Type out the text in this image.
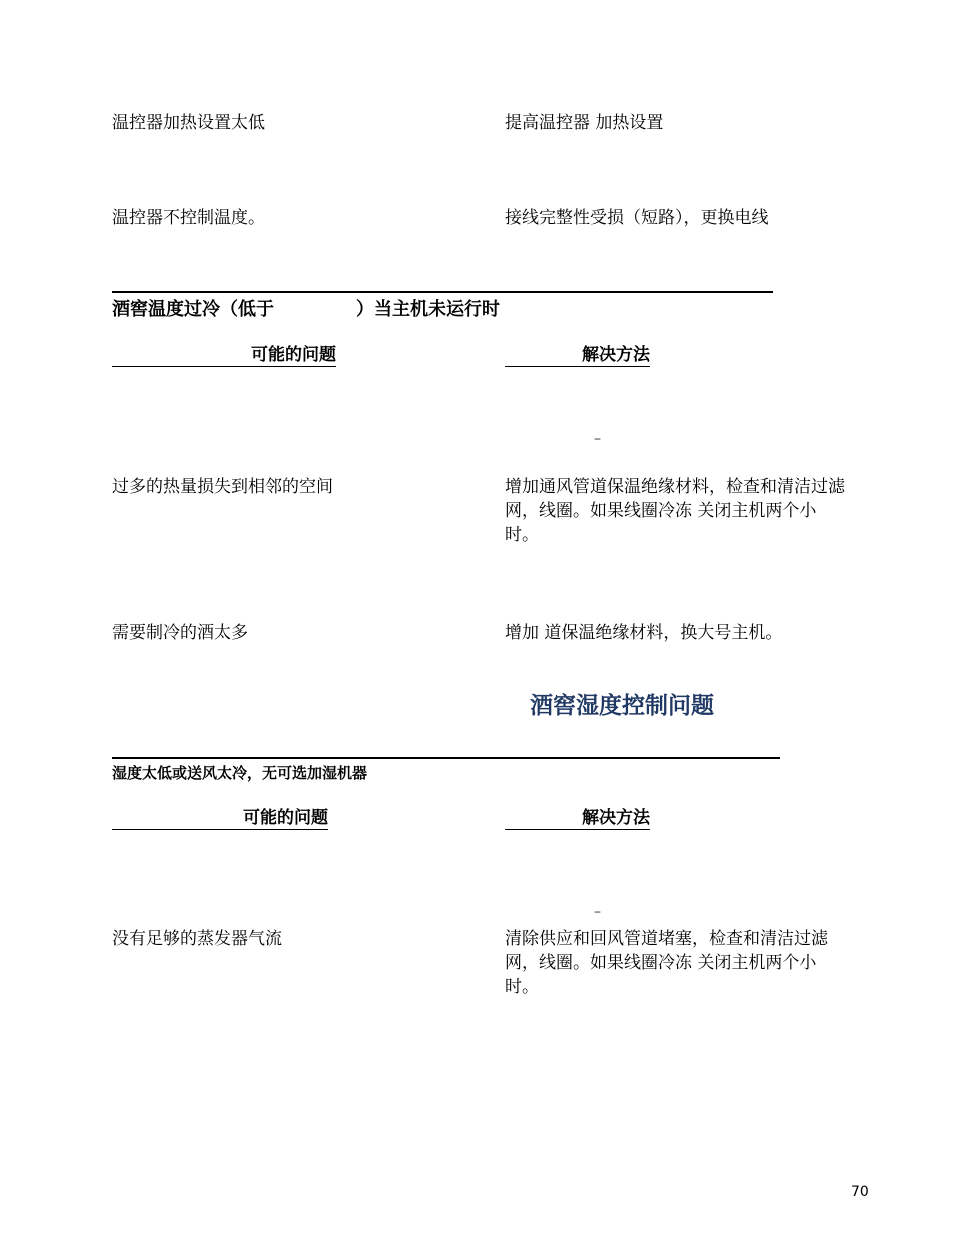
温控器加热设置太低	提高温控器 加热设置
温控器不控制温度。	接线完整性受损（短路），更换电线
酒窖温度过冷（低于	）当主机未运行时
可能的问题	解决方法
–
过多的热量损失到相邻的空间	增加通风管道保温绝缘材料，检查和清洁过滤网，线圈。如果线圈冷冻 关闭主机两个小时。
需要制冷的酒太多	增加 道保温绝缘材料，换大号主机。
酒窖湿度控制问题
湿度太低或送风太冷，无可选加湿机器
可能的问题	解决方法
–
没有足够的蒸发器气流	清除供应和回风管道堵塞，检查和清洁过滤网，线圈。如果线圈冷冻 关闭主机两个小时。
70
